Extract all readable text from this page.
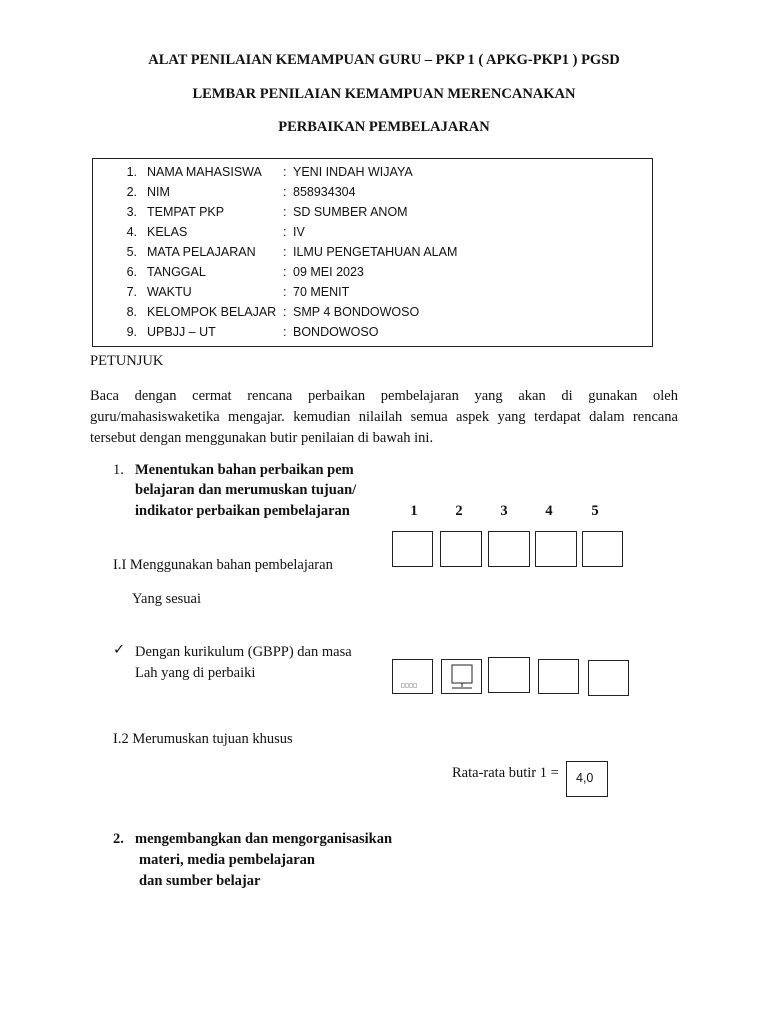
ALAT PENILAIAN KEMAMPUAN GURU – PKP 1 ( APKG-PKP1 ) PGSD
LEMBAR PENILAIAN KEMAMPUAN MERENCANAKAN
PERBAIKAN PEMBELAJARAN
1. NAMA MAHASISWA : YENI INDAH WIJAYA
2. NIM	: 858934304
3. TEMPAT PKP	: SD SUMBER ANOM
4. KELAS	: IV
5. MATA PELAJARAN : ILMU PENGETAHUAN ALAM
6. TANGGAL	: 09 MEI 2023
7. WAKTU	: 70 MENIT
8. KELOMPOK BELAJAR : SMP 4 BONDOWOSO
9. UPBJJ – UT	: BONDOWOSO
PETUNJUK
Baca dengan cermat rencana perbaikan pembelajaran yang akan di gunakan oleh
guru/mahasiswaketika mengajar. kemudian nilailah semua aspek yang terdapat dalam rencana
tersebut dengan menggunakan butir penilaian di bawah ini.
1. Menentukan bahan perbaikan pem
belajaran dan merumuskan tujuan/
indikator perbaikan pembelajaran	1	2	3	4	5
I.I Menggunakan bahan pembelajaran
Yang sesuai
✓ Dengan kurikulum (GBPP) dan masa
Lah yang di perbaiki
□□□□
I.2 Merumuskan tujuan khusus
Rata-rata butir 1 =	4,0
2. mengembangkan dan mengorganisasikan
materi, media pembelajaran
dan sumber belajar
